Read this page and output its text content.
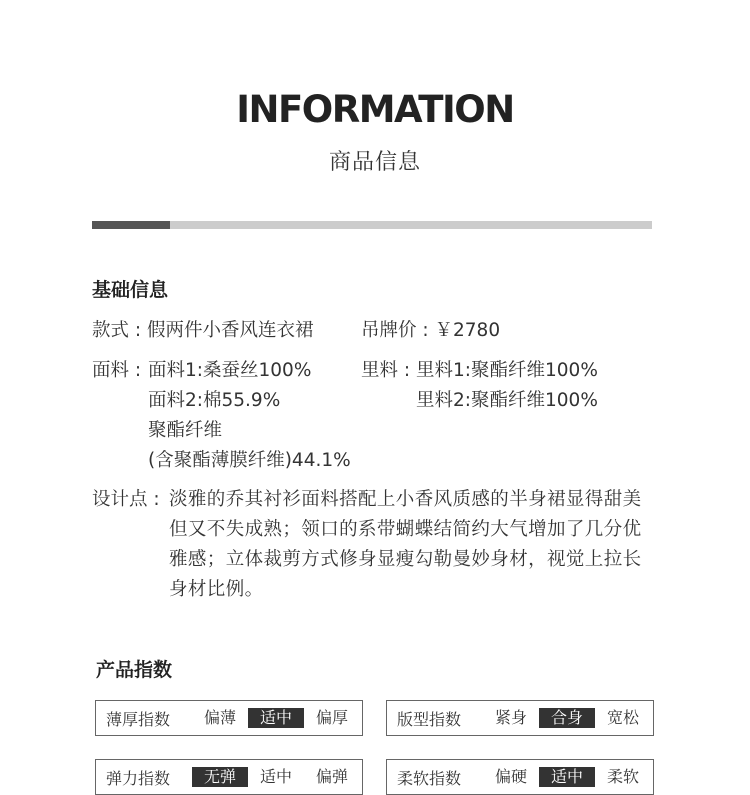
INFORMATION
商品信息
基础信息
款式 : 假两件小香风连衣裙	吊牌价 : ￥2780
面料 : 面料1:桑蚕丝100%
面料2:棉55.9%
聚酯纤维
(含聚酯薄膜纤维)44.1%
里料 : 里料1:聚酯纤维100%
里料2:聚酯纤维100%
设计点 : 淡雅的乔其衬衫面料搭配上小香风质感的半身裙显得甜美但又不失成熟；领口的系带蝴蝶结简约大气增加了几分优雅感；立体裁剪方式修身显瘦勾勒曼妙身材，视觉上拉长身材比例。
产品指数
薄厚指数	偏薄	适中	偏厚	版型指数	紧身	合身	宽松
弹力指数	无弹	适中	偏弹	柔软指数	偏硬	适中	柔软
